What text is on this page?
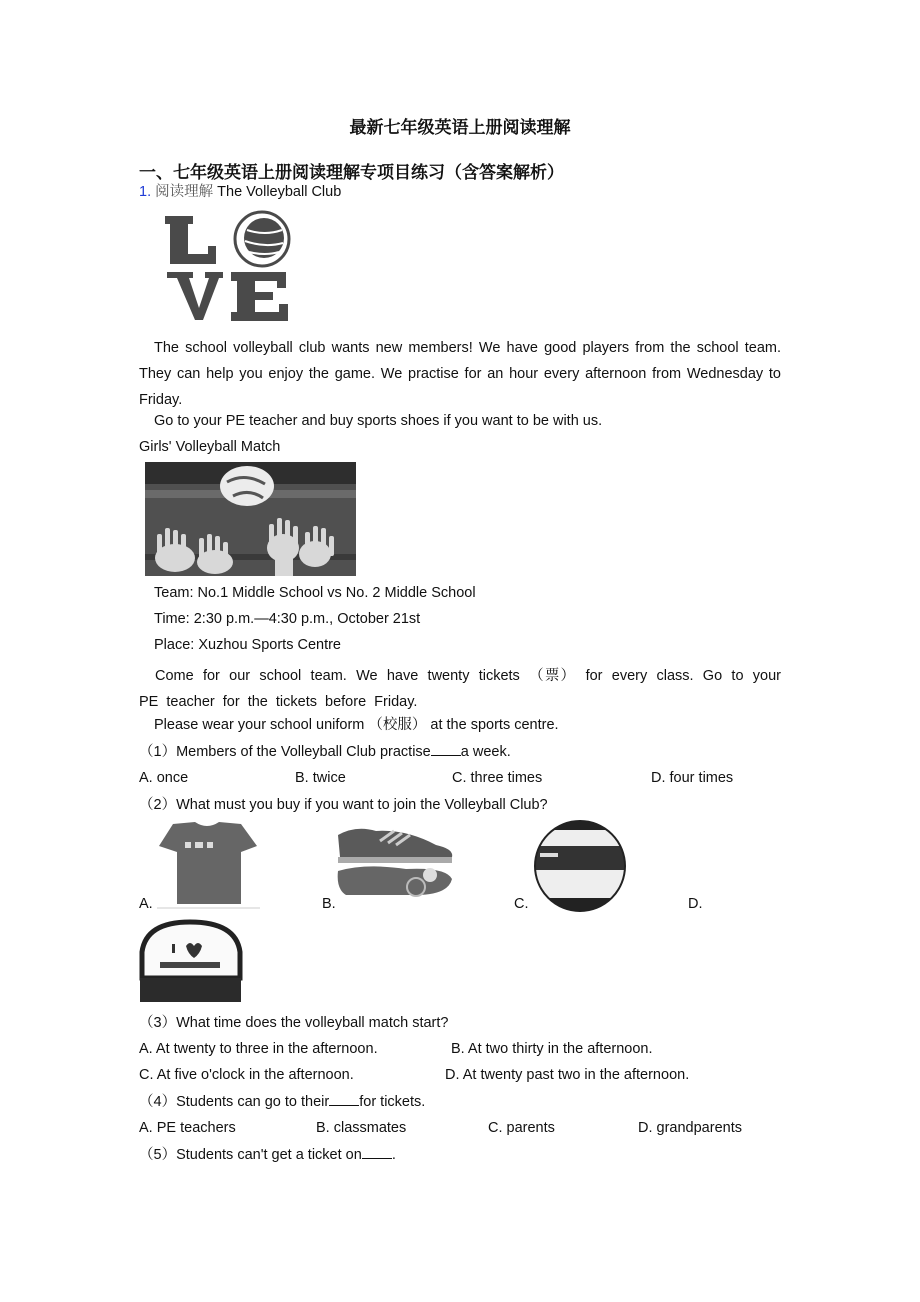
最新七年级英语上册阅读理解
一、七年级英语上册阅读理解专项目练习（含答案解析）
1. 阅读理解 The Volleyball Club
The school volleyball club wants new members! We have good players from the school team. They can help you enjoy the game. We practise for an hour every afternoon from Wednesday to Friday.
Go to your PE teacher and buy sports shoes if you want to be with us.
Girls' Volleyball Match
Team: No.1 Middle School vs No. 2 Middle School
Time: 2:30 p.m.—4:30 p.m., October 21st
Place: Xuzhou Sports Centre
Come for our school team. We have twenty tickets （票） for every class. Go to your PE teacher for the tickets before Friday.
Please wear your school uniform （校服） at the sports centre.
（1）Members of the Volleyball Club practise a week.
A. once	B. twice	C. three times	D. four times
（2）What must you buy if you want to join the Volleyball Club?
A.	B.	C.	D.
（3）What time does the volleyball match start?
A. At twenty to three in the afternoon.	B. At two thirty in the afternoon.
C. At five o'clock in the afternoon.	D. At twenty past two in the afternoon.
（4）Students can go to their for tickets.
A. PE teachers	B. classmates	C. parents	D. grandparents
（5）Students can't get a ticket on .
